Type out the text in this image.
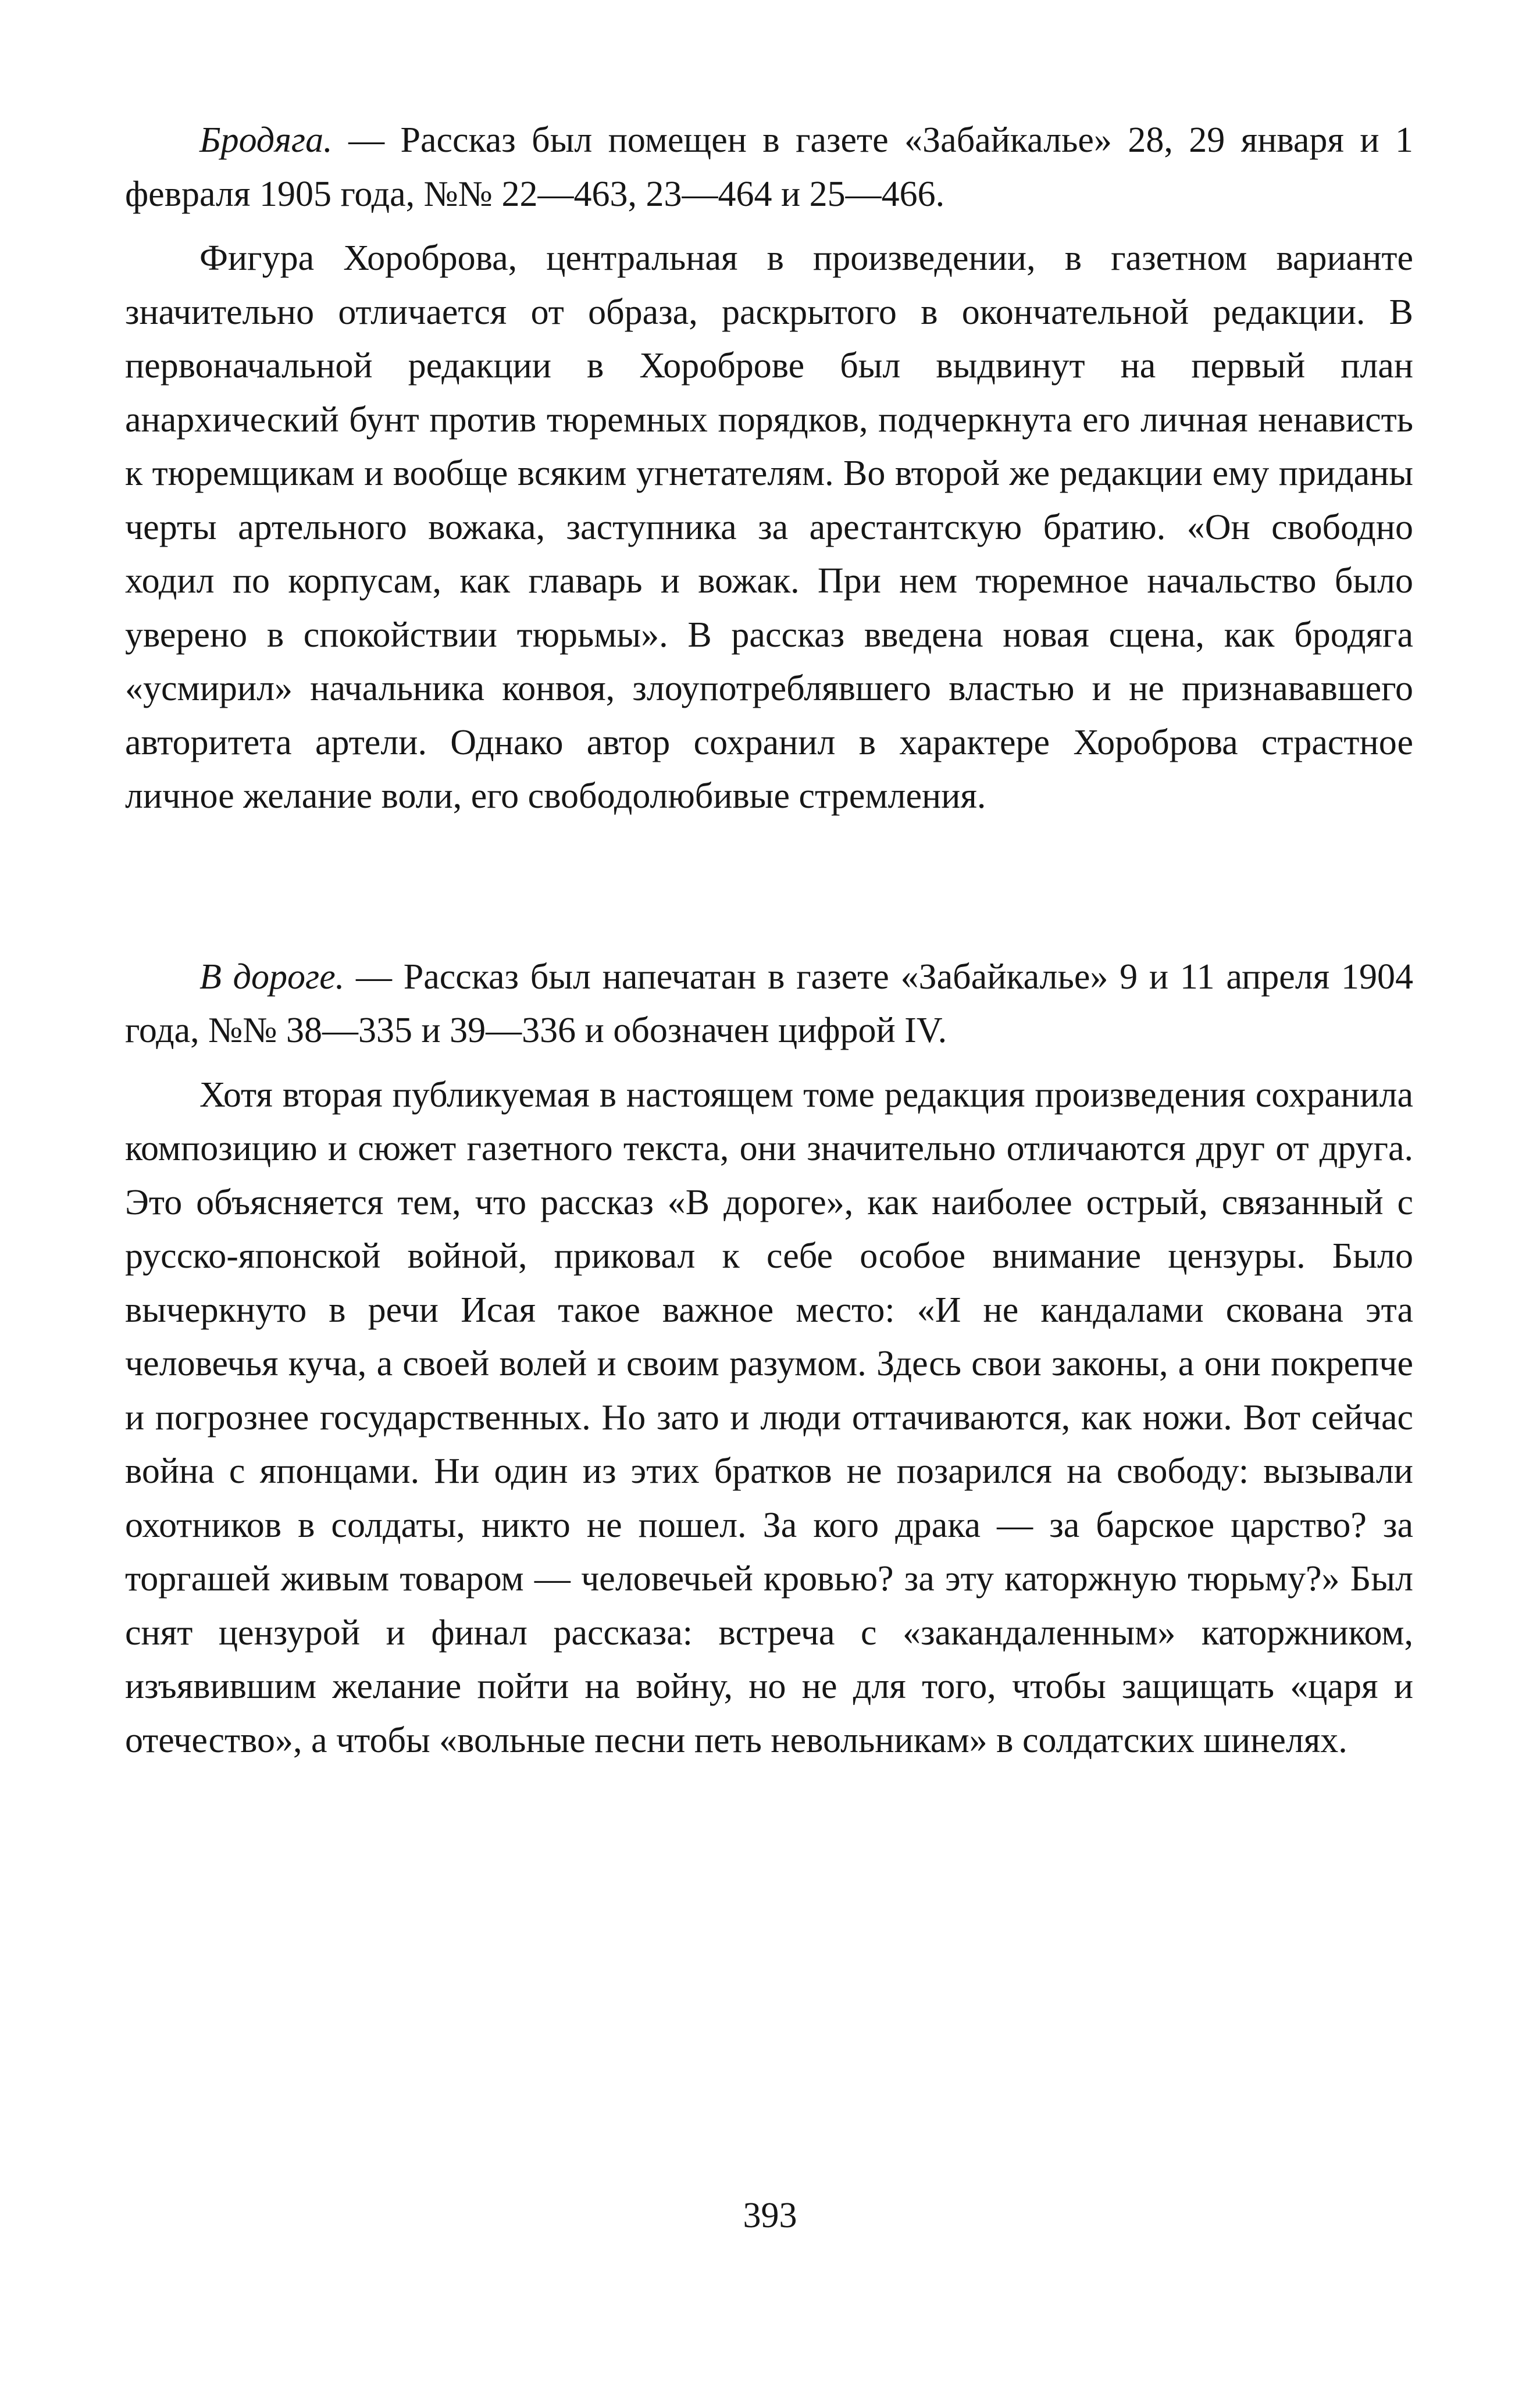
Бродяга. — Рассказ был помещен в газете «Забайкалье» 28, 29 января и 1 февраля 1905 года, №№ 22—463, 23—464 и 25—466.

Фигура Хороброва, центральная в произведении, в газетном варианте значительно отличается от образа, раскрытого в окончательной редакции. В первоначальной редакции в Хороброве был выдвинут на первый план анархический бунт против тюремных порядков, подчеркнута его личная ненависть к тюремщикам и вообще всяким угнетателям. Во второй же редакции ему приданы черты артельного вожака, заступника за арестантскую братию. «Он свободно ходил по корпусам, как главарь и вожак. При нем тюремное начальство было уверено в спокойствии тюрьмы». В рассказ введена новая сцена, как бродяга «усмирил» начальника конвоя, злоупотреблявшего властью и не признававшего авторитета артели. Однако автор сохранил в характере Хороброва страстное личное желание воли, его свободолюбивые стремления.

В дороге. — Рассказ был напечатан в газете «Забайкалье» 9 и 11 апреля 1904 года, №№ 38—335 и 39—336 и обозначен цифрой IV.

Хотя вторая публикуемая в настоящем томе редакция произведения сохранила композицию и сюжет газетного текста, они значительно отличаются друг от друга. Это объясняется тем, что рассказ «В дороге», как наиболее острый, связанный с русско-японской войной, приковал к себе особое внимание цензуры. Было вычеркнуто в речи Исая такое важное место: «И не кандалами скована эта человечья куча, а своей волей и своим разумом. Здесь свои законы, а они покрепче и погрознее государственных. Но зато и люди оттачиваются, как ножи. Вот сейчас война с японцами. Ни один из этих братков не позарился на свободу: вызывали охотников в солдаты, никто не пошел. За кого драка — за барское царство? за торгашей живым товаром — человечьей кровью? за эту каторжную тюрьму?» Был снят цензурой и финал рассказа: встреча с «закандаленным» каторжником, изъявившим желание пойти на войну, но не для того, чтобы защищать «царя и отечество», а чтобы «вольные песни петь невольникам» в солдатских шинелях.

393
